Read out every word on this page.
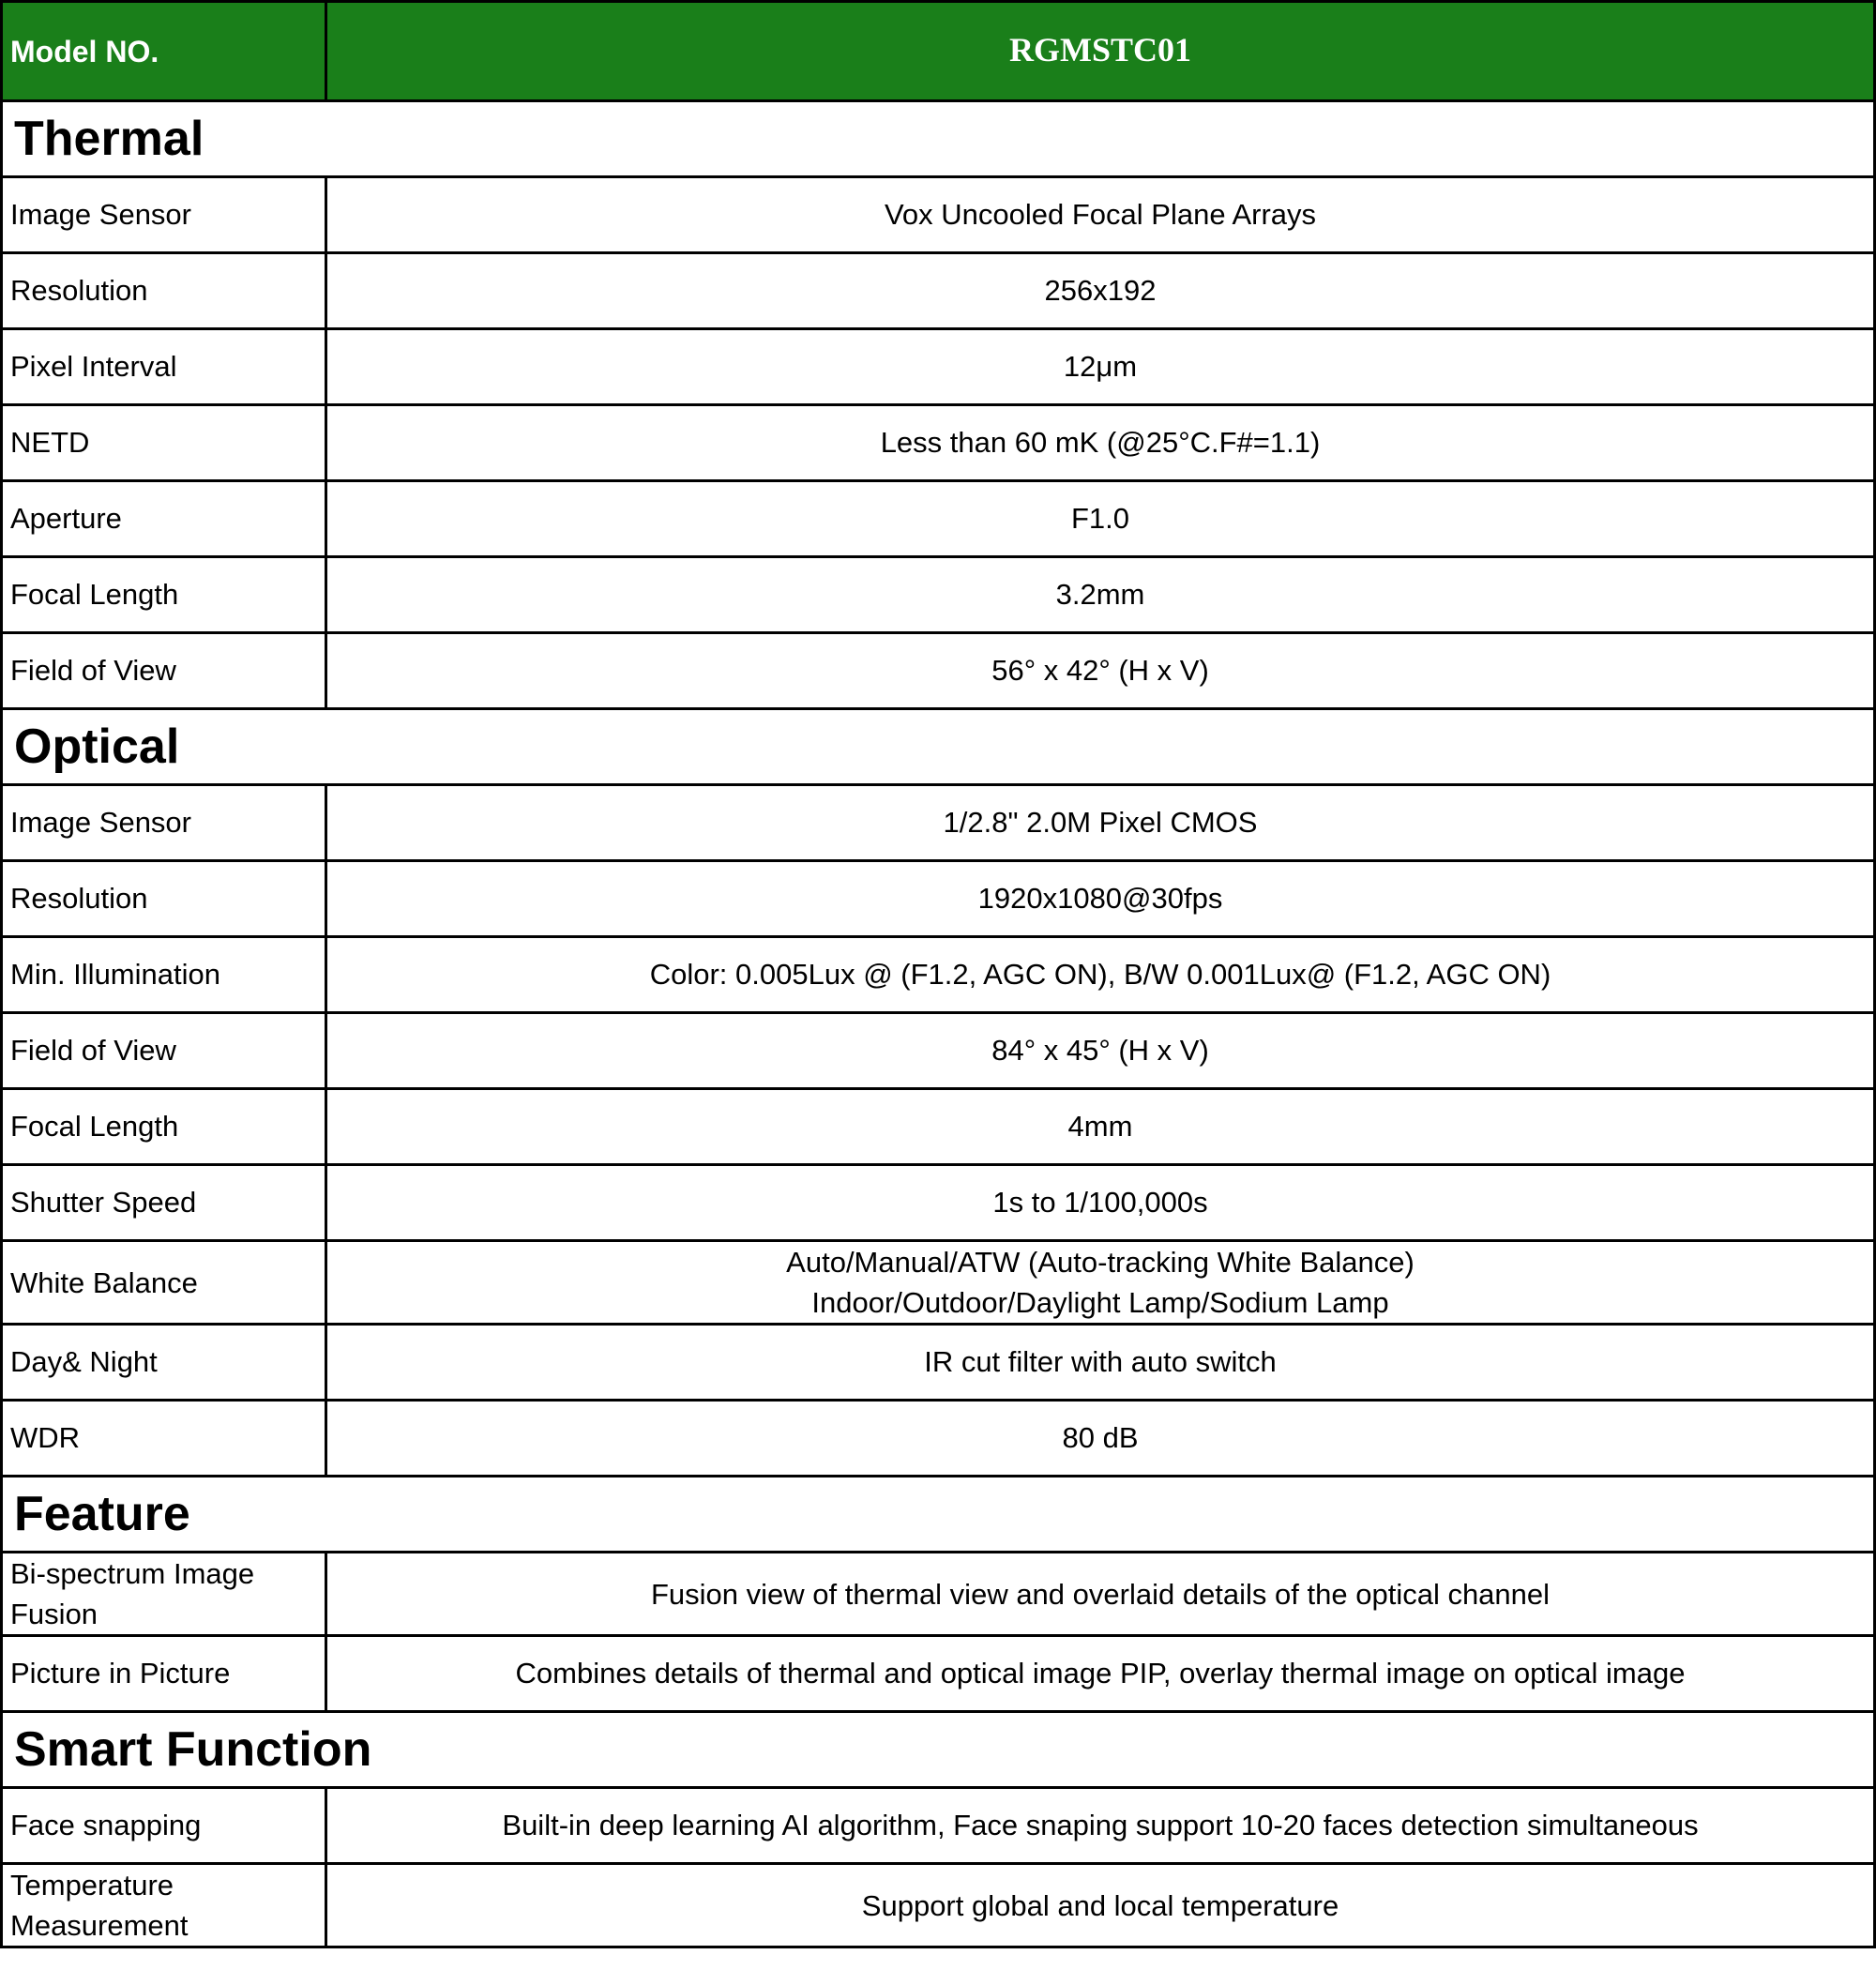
Model NO.	RGMSTC01
Thermal	
Image Sensor	Vox Uncooled Focal Plane Arrays
Resolution	256x192
Pixel Interval	12μm
NETD	Less than 60 mK (@25°C.F#=1.1)
Aperture	F1.0
Focal Length	3.2mm
Field of View	56° x 42° (H x V)
Optical	
Image Sensor	1/2.8" 2.0M Pixel CMOS
Resolution	1920x1080@30fps
Min. Illumination	Color: 0.005Lux @ (F1.2, AGC ON), B/W 0.001Lux@ (F1.2, AGC ON)
Field of View	84° x 45° (H x V)
Focal Length	4mm
Shutter Speed	1s to 1/100,000s
White Balance	Auto/Manual/ATW (Auto-tracking White Balance)
Indoor/Outdoor/Daylight Lamp/Sodium Lamp

Day& Night	IR cut filter with auto switch
WDR	80 dB
Feature	

Bi-spectrum Image
Fusion	Fusion view of thermal view and overlaid details of the optical channel
Picture in Picture	Combines details of thermal and optical image PIP, overlay thermal image on optical image
Smart Function	
Face snapping	Built-in deep learning AI algorithm, Face snaping support 10-20 faces detection simultaneous

Temperature
Measurement	Support global and local temperature
